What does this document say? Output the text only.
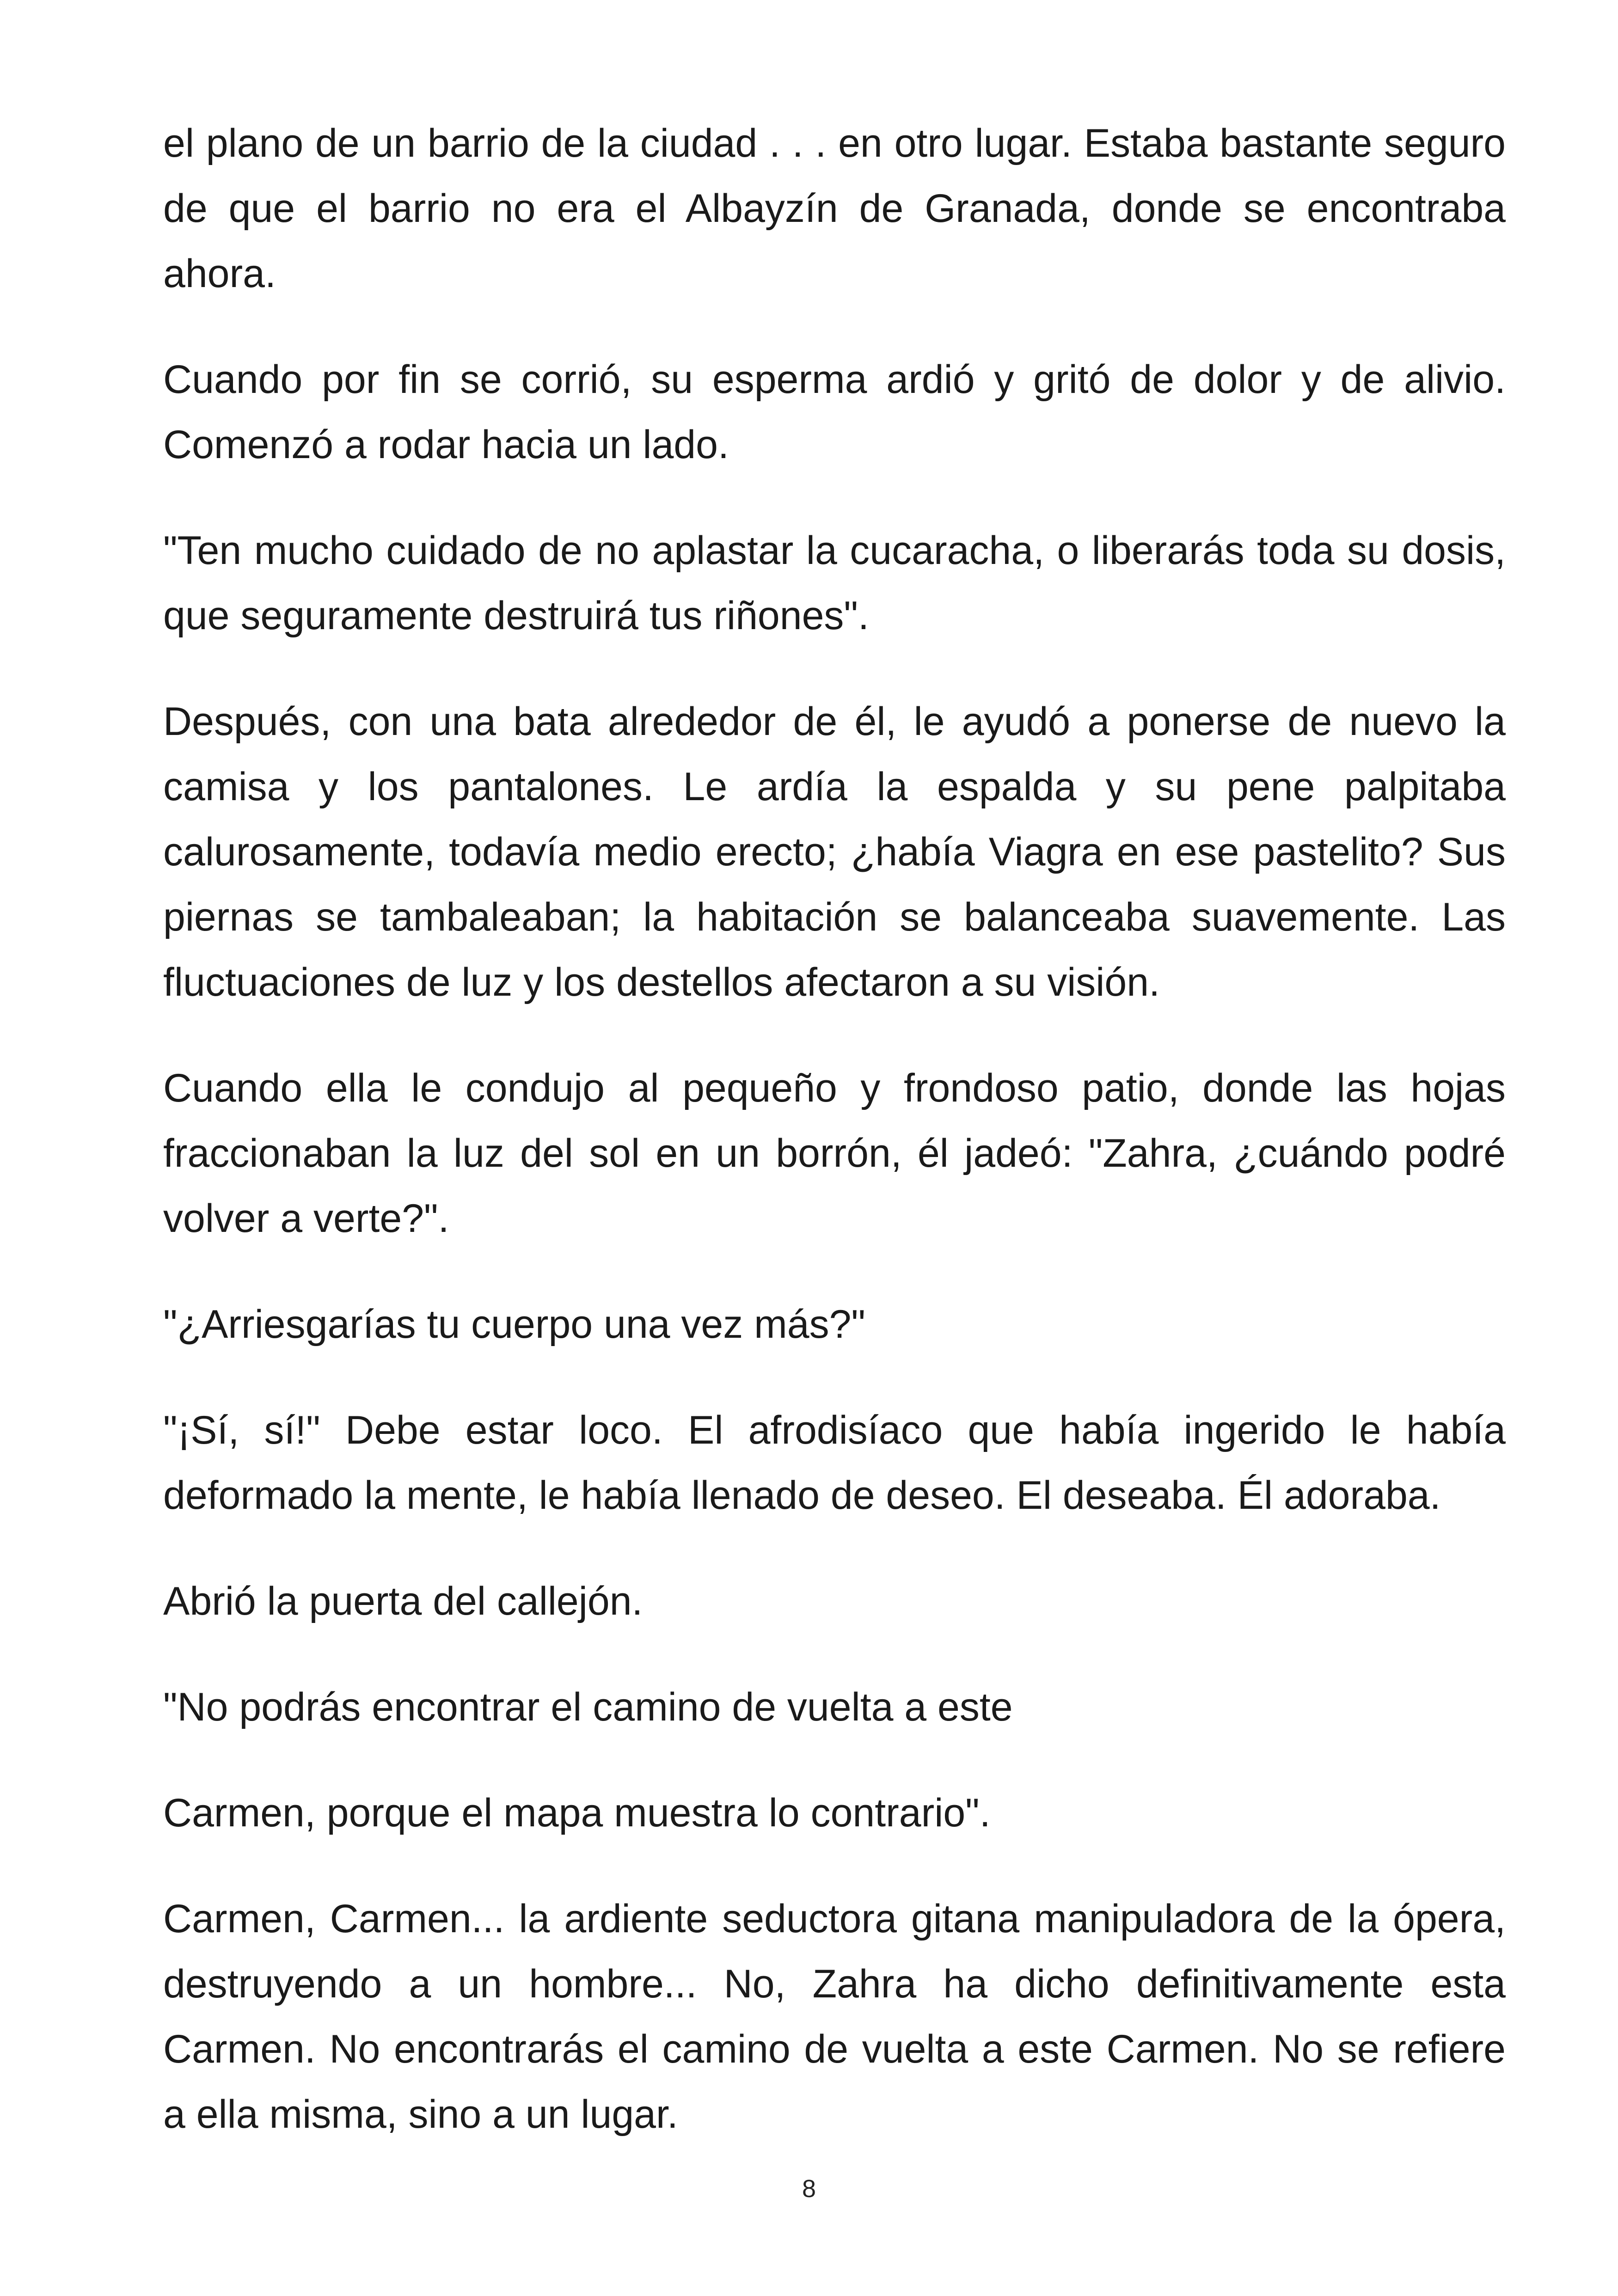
el plano de un barrio de la ciudad . . . en otro lugar. Estaba bastante seguro de que el barrio no era el Albayzín de Granada, donde se encontraba ahora.

Cuando por fin se corrió, su esperma ardió y gritó de dolor y de alivio. Comenzó a rodar hacia un lado.

"Ten mucho cuidado de no aplastar la cucaracha, o liberarás toda su dosis, que seguramente destruirá tus riñones".

Después, con una bata alrededor de él, le ayudó a ponerse de nuevo la camisa y los pantalones. Le ardía la espalda y su pene palpitaba calurosamente, todavía medio erecto; ¿había Viagra en ese pastelito? Sus piernas se tambaleaban; la habitación se balanceaba suavemente. Las fluctuaciones de luz y los destellos afectaron a su visión.

Cuando ella le condujo al pequeño y frondoso patio, donde las hojas fraccionaban la luz del sol en un borrón, él jadeó: "Zahra, ¿cuándo podré volver a verte?".

"¿Arriesgarías tu cuerpo una vez más?"

"¡Sí, sí!" Debe estar loco. El afrodisíaco que había ingerido le había deformado la mente, le había llenado de deseo. El deseaba. Él adoraba.

Abrió la puerta del callejón.

"No podrás encontrar el camino de vuelta a este

Carmen, porque el mapa muestra lo contrario".

Carmen, Carmen... la ardiente seductora gitana manipuladora de la ópera, destruyendo a un hombre... No, Zahra ha dicho definitivamente esta Carmen. No encontrarás el camino de vuelta a este Carmen. No se refiere a ella misma, sino a un lugar.

8
